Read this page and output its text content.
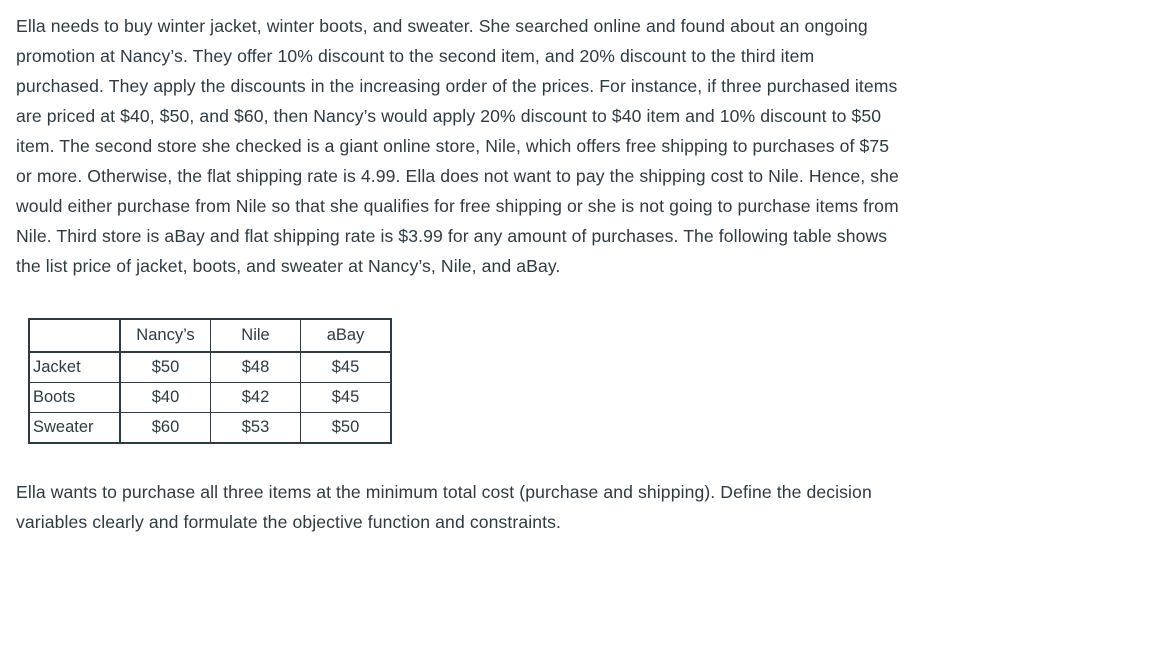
Ella needs to buy winter jacket, winter boots, and sweater. She searched online and found about an ongoing promotion at Nancy’s. They offer 10% discount to the second item, and 20% discount to the third item purchased. They apply the discounts in the increasing order of the prices. For instance, if three purchased items are priced at $40, $50, and $60, then Nancy’s would apply 20% discount to $40 item and 10% discount to $50 item. The second store she checked is a giant online store, Nile, which offers free shipping to purchases of $75 or more. Otherwise, the flat shipping rate is 4.99. Ella does not want to pay the shipping cost to Nile. Hence, she would either purchase from Nile so that she qualifies for free shipping or she is not going to purchase items from Nile. Third store is aBay and flat shipping rate is $3.99 for any amount of purchases. The following table shows the list price of jacket, boots, and sweater at Nancy’s, Nile, and aBay.

	Nancy’s	Nile	aBay
Jacket	$50	$48	$45
Boots	$40	$42	$45
Sweater	$60	$53	$50

Ella wants to purchase all three items at the minimum total cost (purchase and shipping). Define the decision variables clearly and formulate the objective function and constraints.
